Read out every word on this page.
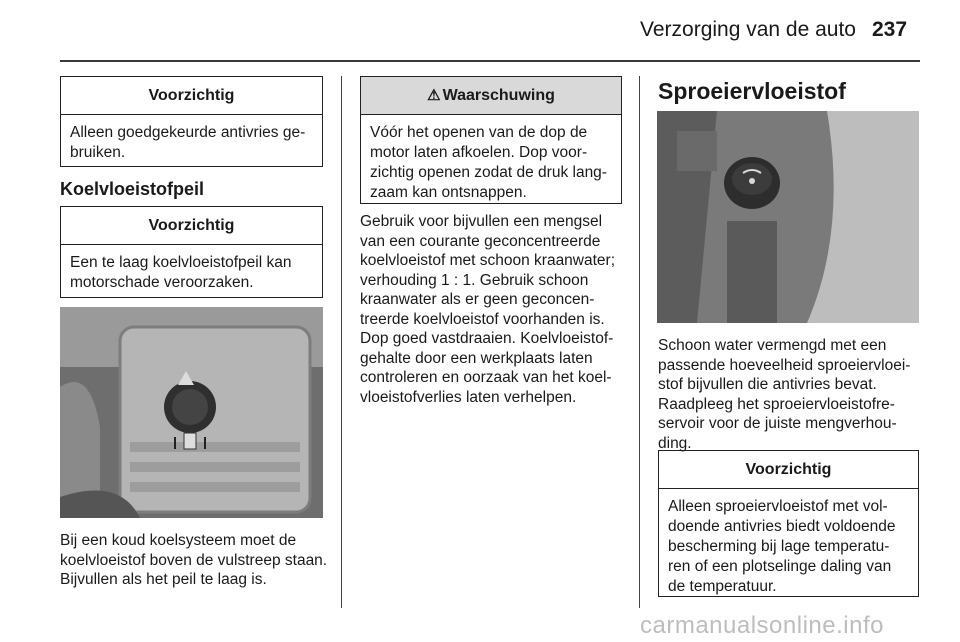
Verzorging van de auto 237
Voorzichtig
Alleen goedgekeurde antivries ge-bruiken.
Koelvloeistofpeil
Voorzichtig
Een te laag koelvloeistofpeil kan motorschade veroorzaken.
Bij een koud koelsysteem moet de koelvloeistof boven de vulstreep staan. Bijvullen als het peil te laag is.
⚠ Waarschuwing
Vóór het openen van de dop de motor laten afkoelen. Dop voor-zichtig openen zodat de druk lang-zaam kan ontsnappen.
Gebruik voor bijvullen een mengsel van een courante geconcentreerde koelvloeistof met schoon kraanwater; verhouding 1 : 1. Gebruik schoon kraanwater als er geen geconcen-treerde koelvloeistof voorhanden is. Dop goed vastdraaien. Koelvloeistof-gehalte door een werkplaats laten controleren en oorzaak van het koel-vloeistofverlies laten verhelpen.
Sproeiervloeistof
Schoon water vermengd met een passende hoeveelheid sproeiervloei-stof bijvullen die antivries bevat. Raadpleeg het sproeiervloeistofre-servoir voor de juiste mengverhou-ding.
Voorzichtig
Alleen sproeiervloeistof met vol-doende antivries biedt voldoende bescherming bij lage temperatu-ren of een plotselinge daling van de temperatuur.
carmanualsonline.info
